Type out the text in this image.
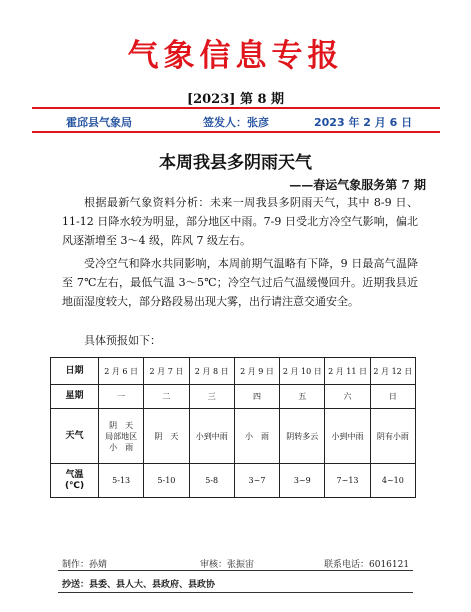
气象信息专报
[2023] 第 8 期
霍邱县气象局	签发人：张彦	2023 年 2 月 6 日
本周我县多阴雨天气
——春运气象服务第 7 期
根据最新气象资料分析：未来一周我县多阴雨天气，其中 8-9 日、11-12 日降水较为明显，部分地区中雨。7-9 日受北方冷空气影响，偏北风逐渐增至 3～4 级，阵风 7 级左右。
受冷空气和降水共同影响，本周前期气温略有下降，9 日最高气温降至 7℃左右，最低气温 3～5℃；冷空气过后气温缓慢回升。近期我县近地面湿度较大，部分路段易出现大雾，出行请注意交通安全。
具体预报如下：
日期	2 月 6 日	2 月 7 日	2 月 8 日	2 月 9 日	2 月 10 日	2 月 11 日	2 月 12 日
星期	一	二	三	四	五	六	日
天气	阴　天
局部地区
小　雨	阴　天	小到中雨	小　雨	阴转多云	小到中雨	阴有小雨

气温
(℃)	5-13	5-10	5-8	3~7	3~9	7~13	4~10
制作：孙婧	审核：张振宙	联系电话：6016121
抄送：县委、县人大、县政府、县政协
